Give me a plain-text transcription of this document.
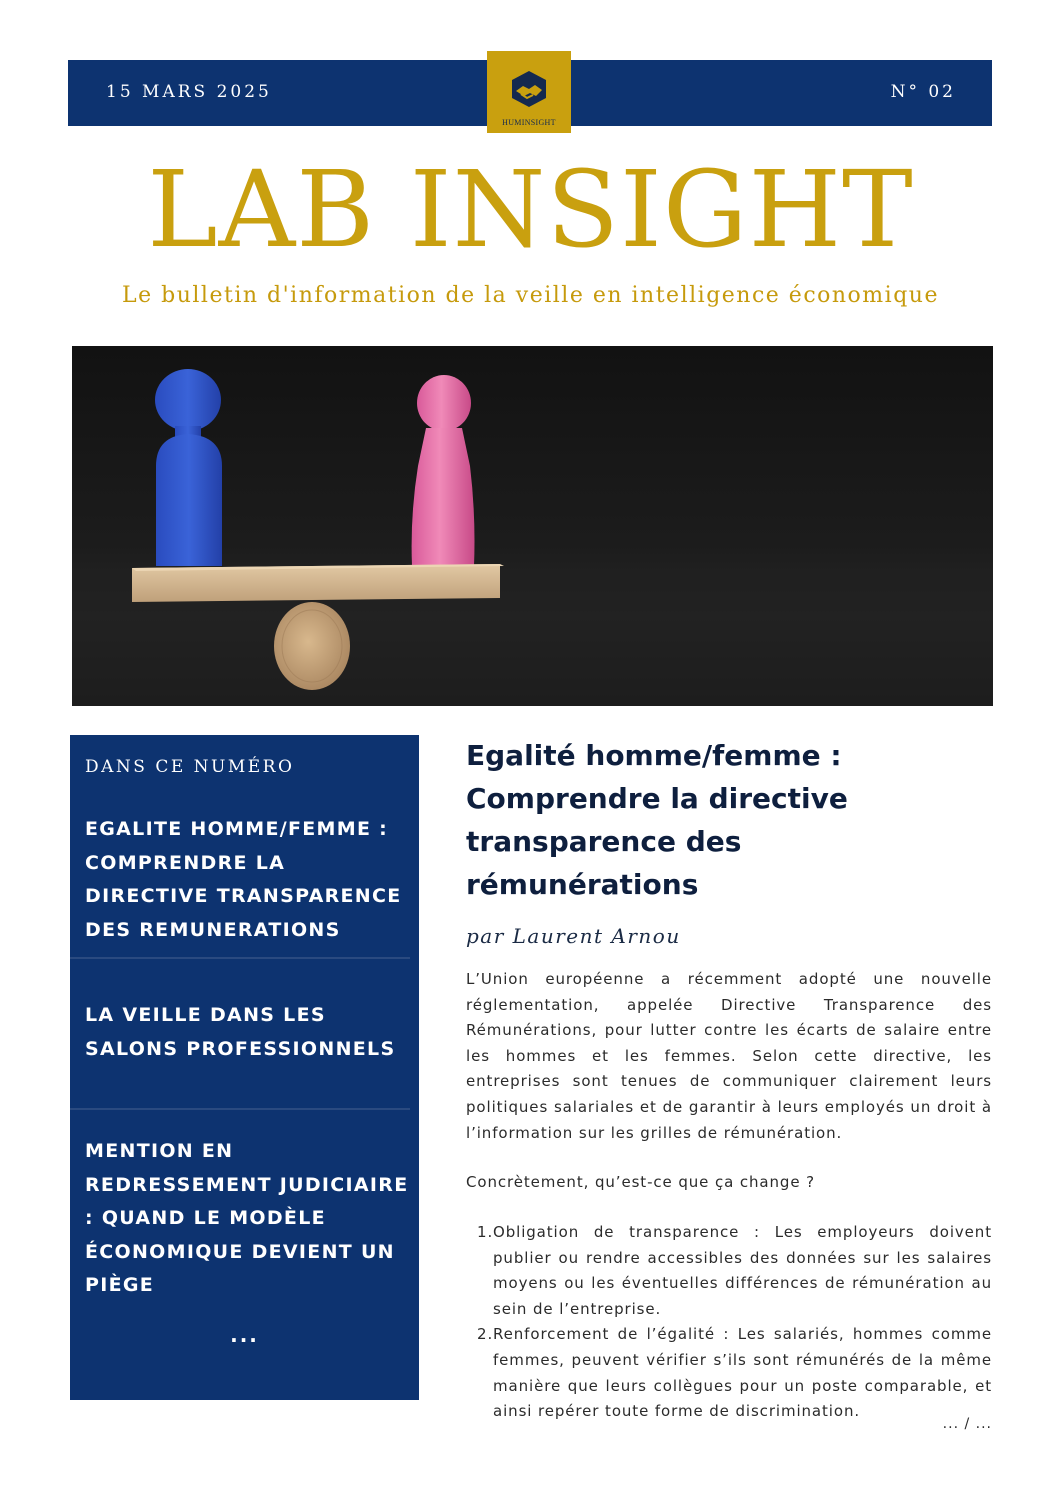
15 MARS 2025	N° 02
HUMINSIGHT
LAB INSIGHT
Le bulletin d'information de la veille en intelligence économique
DANS CE NUMÉRO
EGALITE HOMME/FEMME : COMPRENDRE LA DIRECTIVE TRANSPARENCE DES REMUNERATIONS
LA VEILLE DANS LES SALONS PROFESSIONNELS
MENTION EN REDRESSEMENT JUDICIAIRE : QUAND LE MODÈLE ÉCONOMIQUE DEVIENT UN PIÈGE
...
Egalité homme/femme : Comprendre la directive transparence des rémunérations
par Laurent Arnou

L’Union européenne a récemment adopté une nouvelle réglementation, appelée Directive Transparence des Rémunérations, pour lutter contre les écarts de salaire entre les hommes et les femmes. Selon cette directive, les entreprises sont tenues de communiquer clairement leurs politiques salariales et de garantir à leurs employés un droit à l’information sur les grilles de rémunération.

Concrètement, qu’est-ce que ça change ?

1. Obligation de transparence : Les employeurs doivent publier ou rendre accessibles des données sur les salaires moyens ou les éventuelles différences de rémunération au sein de l’entreprise.
2. Renforcement de l’égalité : Les salariés, hommes comme femmes, peuvent vérifier s’ils sont rémunérés de la même manière que leurs collègues pour un poste comparable, et ainsi repérer toute forme de discrimination.
... / ...
